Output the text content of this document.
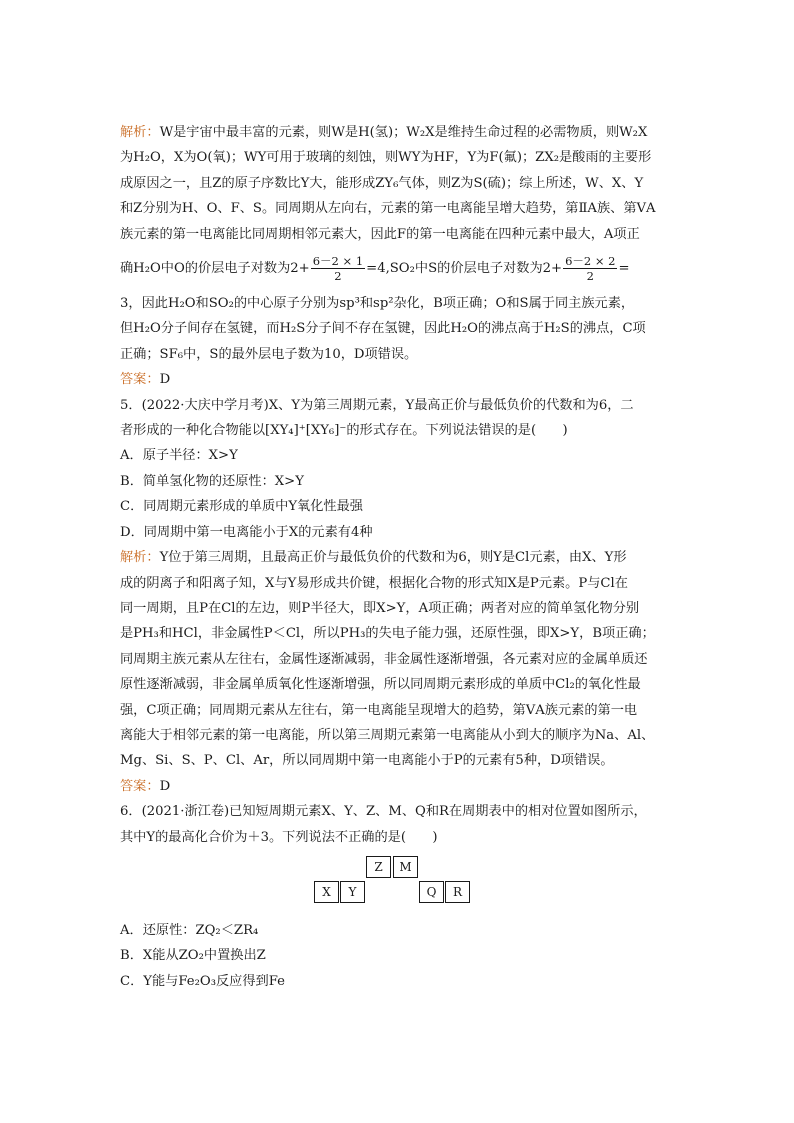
解析：W是宇宙中最丰富的元素，则W是H(氢)；W₂X是维持生命过程的必需物质，则W₂X
为H₂O，X为O(氧)；WY可用于玻璃的刻蚀，则WY为HF，Y为F(氟)；ZX₂是酸雨的主要形
成原因之一，且Z的原子序数比Y大，能形成ZY₆气体，则Z为S(硫)；综上所述，W、X、Y
和Z分别为H、O、F、S。同周期从左向右，元素的第一电离能呈增大趋势，第ⅡA族、第ⅤA
族元素的第一电离能比同周期相邻元素大，因此F的第一电离能在四种元素中最大，A项正
确H₂O中O的价层电子对数为$2+ \frac{6-2 \times 1}{2} =4,SO_2$中S的价层电子对数为$2+ \frac{6-2 \times 2}{2}$ =
3，因此H₂O和SO₂的中心原子分别为sp³和sp²杂化，B项正确；O和S属于同主族元素，
但H₂O分子间存在氢键，而H₂S分子间不存在氢键，因此H₂O的沸点高于H₂S的沸点，C项
正确；SF₆中，S的最外层电子数为10，D项错误。
答案：D
5．(2022·大庆中学月考)X、Y为第三周期元素，Y最高正价与最低负价的代数和为6，二
者形成的一种化合物能以[XY₄]⁺[XY₆]⁻的形式存在。下列说法错误的是(　　)
A．原子半径：X>Y
B．简单氢化物的还原性：X>Y
C．同周期元素形成的单质中Y氧化性最强
D．同周期中第一电离能小于X的元素有4种
解析：Y位于第三周期，且最高正价与最低负价的代数和为6，则Y是Cl元素，由X、Y形
成的阴离子和阳离子知，X与Y易形成共价键，根据化合物的形式知X是P元素。P与Cl在
同一周期，且P在Cl的左边，则P半径大，即X>Y，A项正确；两者对应的简单氢化物分别
是PH₃和HCl，非金属性P＜Cl，所以PH₃的失电子能力强，还原性强，即X>Y，B项正确；
同周期主族元素从左往右，金属性逐渐减弱，非金属性逐渐增强，各元素对应的金属单质还
原性逐渐减弱，非金属单质氧化性逐渐增强，所以同周期元素形成的单质中Cl₂的氧化性最
强，C项正确；同周期元素从左往右，第一电离能呈现增大的趋势，第ⅤA族元素的第一电
离能大于相邻元素的第一电离能，所以第三周期元素第一电离能从小到大的顺序为Na、Al、
Mg、Si、S、P、Cl、Ar，所以同周期中第一电离能小于P的元素有5种，D项错误。
答案：D
6．(2021·浙江卷)已知短周期元素X、Y、Z、M、Q和R在周期表中的相对位置如图所示，
其中Y的最高化合价为＋3。下列说法不正确的是(　　)
Z	M
X	Y	Q	R
A．还原性：ZQ₂＜ZR₄
B．X能从ZO₂中置换出Z
C．Y能与Fe₂O₃反应得到Fe
